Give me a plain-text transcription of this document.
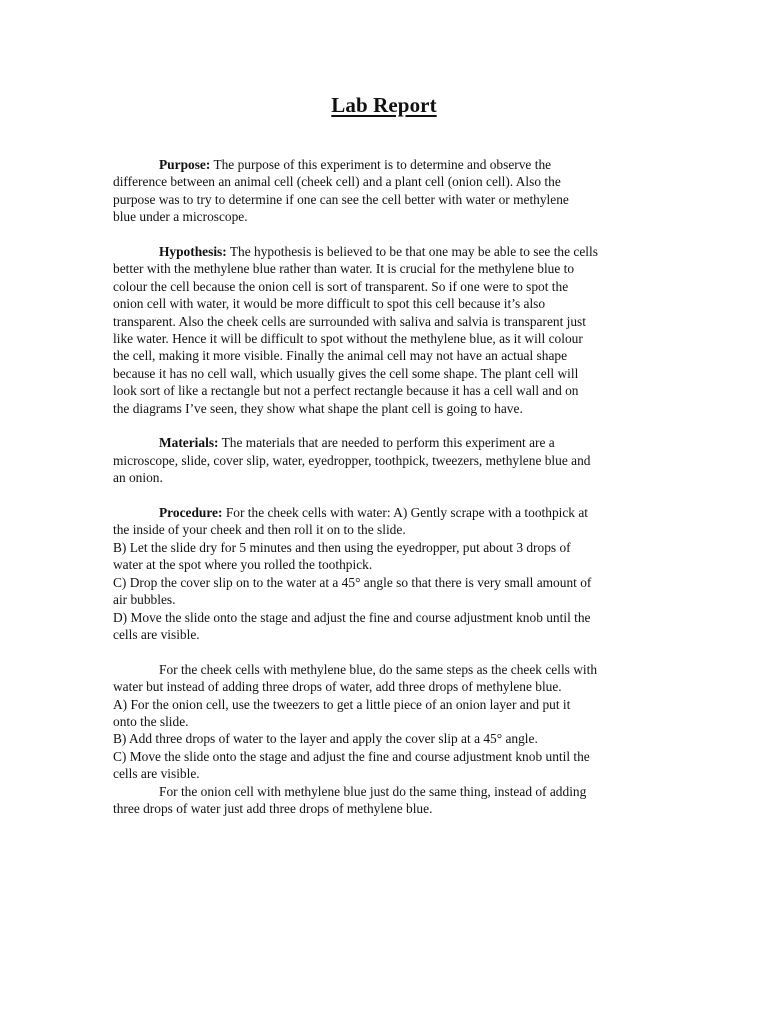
Lab Report

Purpose: The purpose of this experiment is to determine and observe the
difference between an animal cell (cheek cell) and a plant cell (onion cell). Also the
purpose was to try to determine if one can see the cell better with water or methylene
blue under a microscope.

Hypothesis: The hypothesis is believed to be that one may be able to see the cells
better with the methylene blue rather than water. It is crucial for the methylene blue to
colour the cell because the onion cell is sort of transparent. So if one were to spot the
onion cell with water, it would be more difficult to spot this cell because it’s also
transparent. Also the cheek cells are surrounded with saliva and salvia is transparent just
like water. Hence it will be difficult to spot without the methylene blue, as it will colour
the cell, making it more visible. Finally the animal cell may not have an actual shape
because it has no cell wall, which usually gives the cell some shape. The plant cell will
look sort of like a rectangle but not a perfect rectangle because it has a cell wall and on
the diagrams I’ve seen, they show what shape the plant cell is going to have.

Materials: The materials that are needed to perform this experiment are a
microscope, slide, cover slip, water, eyedropper, toothpick, tweezers, methylene blue and
an onion.

Procedure: For the cheek cells with water: A) Gently scrape with a toothpick at
the inside of your cheek and then roll it on to the slide.
B) Let the slide dry for 5 minutes and then using the eyedropper, put about 3 drops of
water at the spot where you rolled the toothpick.
C) Drop the cover slip on to the water at a 45° angle so that there is very small amount of
air bubbles.
D) Move the slide onto the stage and adjust the fine and course adjustment knob until the
cells are visible.

For the cheek cells with methylene blue, do the same steps as the cheek cells with
water but instead of adding three drops of water, add three drops of methylene blue.
A) For the onion cell, use the tweezers to get a little piece of an onion layer and put it
onto the slide.
B) Add three drops of water to the layer and apply the cover slip at a 45° angle.
C) Move the slide onto the stage and adjust the fine and course adjustment knob until the
cells are visible.

For the onion cell with methylene blue just do the same thing, instead of adding
three drops of water just add three drops of methylene blue.
